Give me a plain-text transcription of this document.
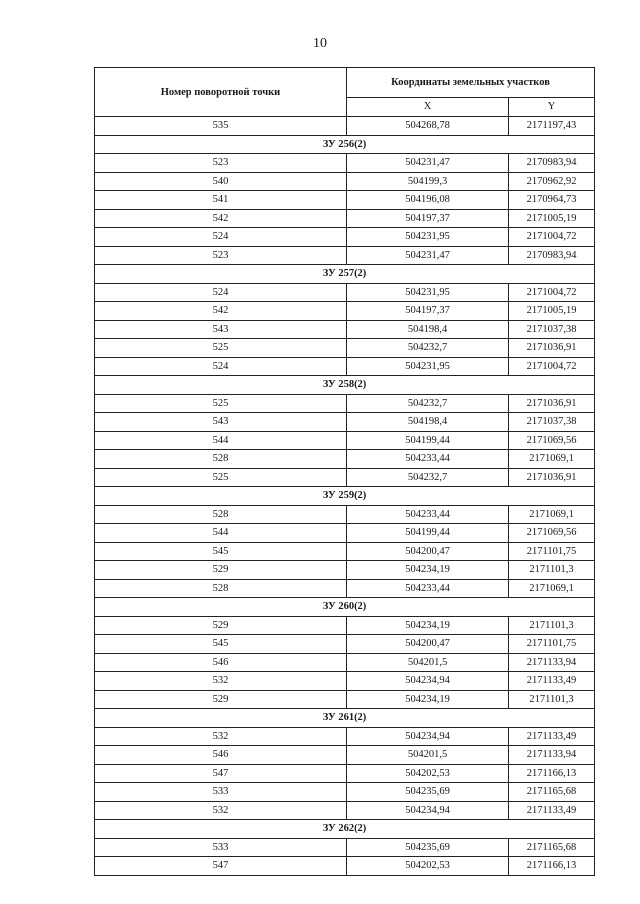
10
Номер поворотной точки	Координаты земельных участков	
	X	Y
535	504268,78	2171197,43
ЗУ 256(2)		
523	504231,47	2170983,94
540	504199,3	2170962,92
541	504196,08	2170964,73
542	504197,37	2171005,19
524	504231,95	2171004,72
523	504231,47	2170983,94
ЗУ 257(2)		
524	504231,95	2171004,72
542	504197,37	2171005,19
543	504198,4	2171037,38
525	504232,7	2171036,91
524	504231,95	2171004,72
ЗУ 258(2)		
525	504232,7	2171036,91
543	504198,4	2171037,38
544	504199,44	2171069,56
528	504233,44	2171069,1
525	504232,7	2171036,91
ЗУ 259(2)		
528	504233,44	2171069,1
544	504199,44	2171069,56
545	504200,47	2171101,75
529	504234,19	2171101,3
528	504233,44	2171069,1
ЗУ 260(2)		
529	504234,19	2171101,3
545	504200,47	2171101,75
546	504201,5	2171133,94
532	504234,94	2171133,49
529	504234,19	2171101,3
ЗУ 261(2)		
532	504234,94	2171133,49
546	504201,5	2171133,94
547	504202,53	2171166,13
533	504235,69	2171165,68
532	504234,94	2171133,49
ЗУ 262(2)		
533	504235,69	2171165,68
547	504202,53	2171166,13
